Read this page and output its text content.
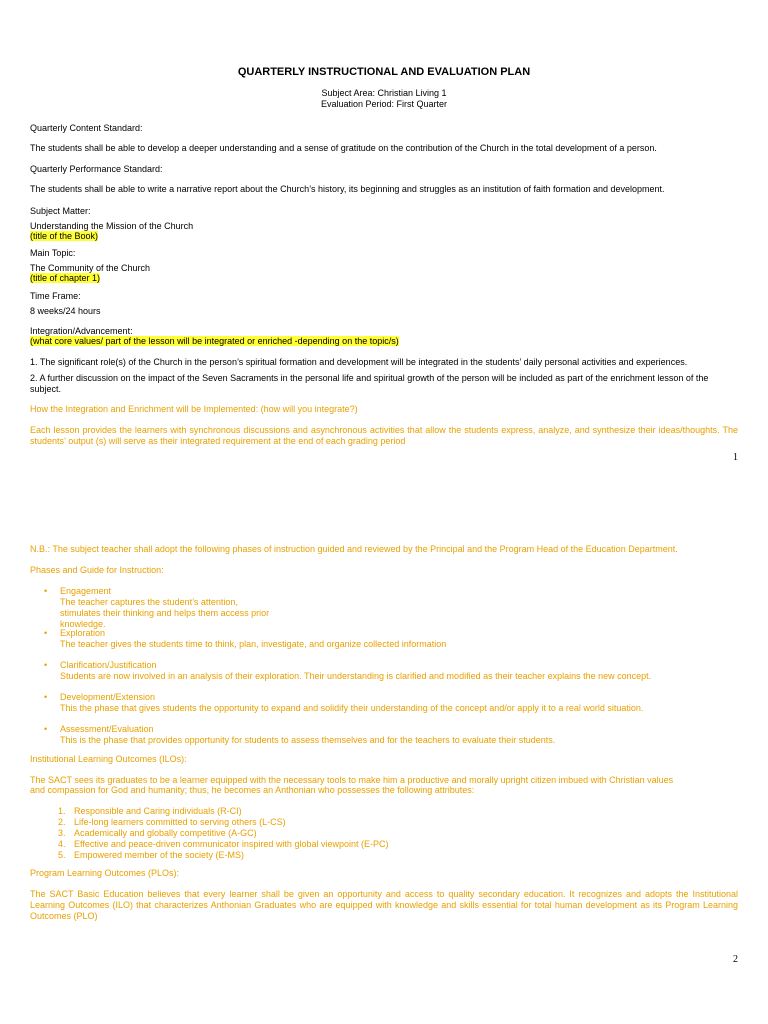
QUARTERLY INSTRUCTIONAL AND EVALUATION PLAN
Subject Area: Christian Living 1
Evaluation Period: First Quarter
Quarterly Content Standard:
The students shall be able to develop a deeper understanding and a sense of gratitude on the contribution of the Church in the total development of a person.
Quarterly Performance Standard:
The students shall be able to write a narrative report about the Church’s history, its beginning and struggles as an institution of faith formation and development.
Subject Matter:
Understanding the Mission of the Church
(title of the Book)
Main Topic:
The Community of the Church
(title of chapter 1)
Time Frame:
8 weeks/24 hours
Integration/Advancement:
(what core values/ part of the lesson will be integrated or enriched -depending on the topic/s)
1. The significant role(s) of the Church in the person’s spiritual formation and development will be integrated in the students’ daily personal activities and experiences.
2. A further discussion on the impact of the Seven Sacraments in the personal life and spiritual growth of the person will be included as part of the enrichment lesson of the subject.
How the Integration and Enrichment will be Implemented: (how will you integrate?)
Each lesson provides the learners with synchronous discussions and asynchronous activities that allow the students express, analyze, and synthesize their ideas/thoughts. The students’ output (s) will serve as their integrated requirement at the end of each grading period
1
N.B.: The subject teacher shall adopt the following phases of instruction guided and reviewed by the Principal and the Program Head of the Education Department.
Phases and Guide for Instruction:
• Engagement
The teacher captures the student’s attention,
stimulates their thinking and helps them access prior
knowledge.
• Exploration
The teacher gives the students time to think, plan, investigate, and organize collected information
• Clarification/Justification
Students are now involved in an analysis of their exploration. Their understanding is clarified and modified as their teacher explains the new concept.
• Development/Extension
This the phase that gives students the opportunity to expand and solidify their understanding of the concept and/or apply it to a real world situation.
• Assessment/Evaluation
This is the phase that provides opportunity for students to assess themselves and for the teachers to evaluate their students.
Institutional Learning Outcomes (ILOs):
The SACT sees its graduates to be a learner equipped with the necessary tools to make him a productive and morally upright citizen imbued with Christian values
and compassion for God and humanity; thus, he becomes an Anthonian who possesses the following attributes:
1. Responsible and Caring individuals (R-CI)
2. Life-long learners committed to serving others (L-CS)
3. Academically and globally competitive (A-GC)
4. Effective and peace-driven communicator inspired with global viewpoint (E-PC)
5. Empowered member of the society (E-MS)
Program Learning Outcomes (PLOs):
The SACT Basic Education believes that every learner shall be given an opportunity and access to quality secondary education. It recognizes and adopts the Institutional Learning Outcomes (ILO) that characterizes Anthonian Graduates who are equipped with knowledge and skills essential for total human development as its Program Learning Outcomes (PLO)
2
